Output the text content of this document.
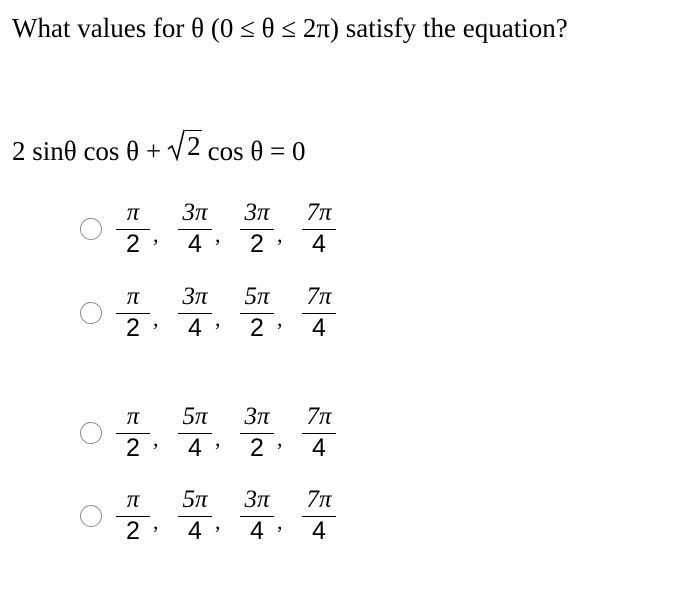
What values for θ (0 ≤ θ ≤ 2π) satisfy the equation?
2 sinθ cos θ + 2 cos θ = 0
$\frac{\pi}{2}$ , $\frac{3\pi}{4}$ , $\frac{3\pi}{2}$ , $\frac{7\pi}{4}$
$\frac{\pi}{2}$ , $\frac{3\pi}{4}$ , $\frac{5\pi}{2}$ , $\frac{7\pi}{4}$
$\frac{\pi}{2}$ , $\frac{5\pi}{4}$ , $\frac{3\pi}{2}$ , $\frac{7\pi}{4}$
$\frac{\pi}{2}$ , $\frac{5\pi}{4}$ , $\frac{3\pi}{4}$ , $\frac{7\pi}{4}$
